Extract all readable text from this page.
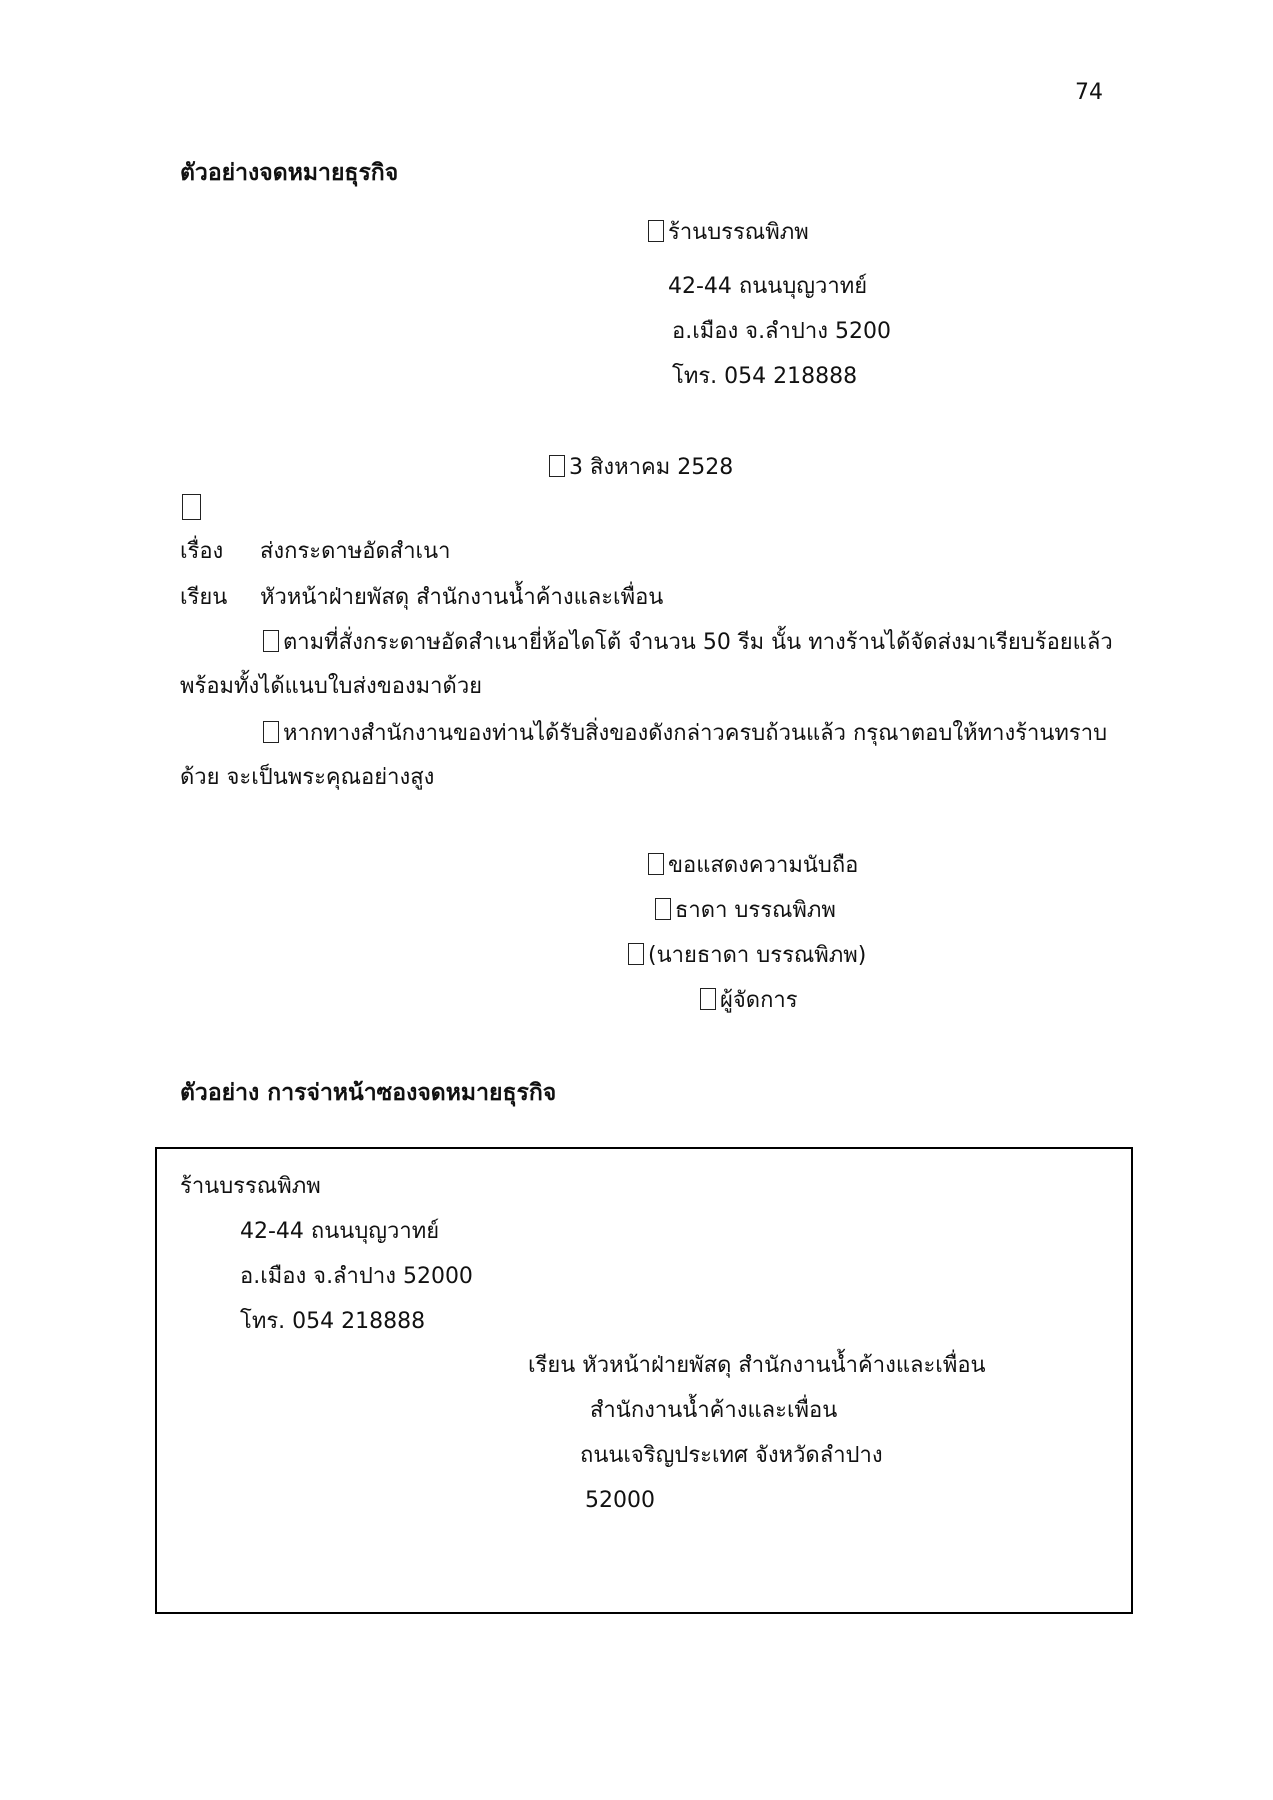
74
ตัวอย่างจดหมายธุรกิจ
ร้านบรรณพิภพ
42-44 ถนนบุญวาทย์
อ.เมือง จ.ลำปาง 5200
โทร. 054 218888
3 สิงหาคม 2528
เรื่อง ส่งกระดาษอัดสำเนา
เรียน หัวหน้าฝ่ายพัสดุ สำนักงานน้ำค้างและเพื่อน
ตามที่สั่งกระดาษอัดสำเนายี่ห้อไดโต้ จำนวน 50 รีม นั้น ทางร้านได้จัดส่งมาเรียบร้อยแล้ว
พร้อมทั้งได้แนบใบส่งของมาด้วย
หากทางสำนักงานของท่านได้รับสิ่งของดังกล่าวครบถ้วนแล้ว กรุณาตอบให้ทางร้านทราบ
ด้วย จะเป็นพระคุณอย่างสูง
ขอแสดงความนับถือ
ธาดา บรรณพิภพ
(นายธาดา บรรณพิภพ)
ผู้จัดการ
ตัวอย่าง การจ่าหน้าซองจดหมายธุรกิจ
ร้านบรรณพิภพ
42-44 ถนนบุญวาทย์
อ.เมือง จ.ลำปาง 52000
โทร. 054 218888
เรียน หัวหน้าฝ่ายพัสดุ สำนักงานน้ำค้างและเพื่อน
สำนักงานน้ำค้างและเพื่อน
ถนนเจริญประเทศ จังหวัดลำปาง
52000
